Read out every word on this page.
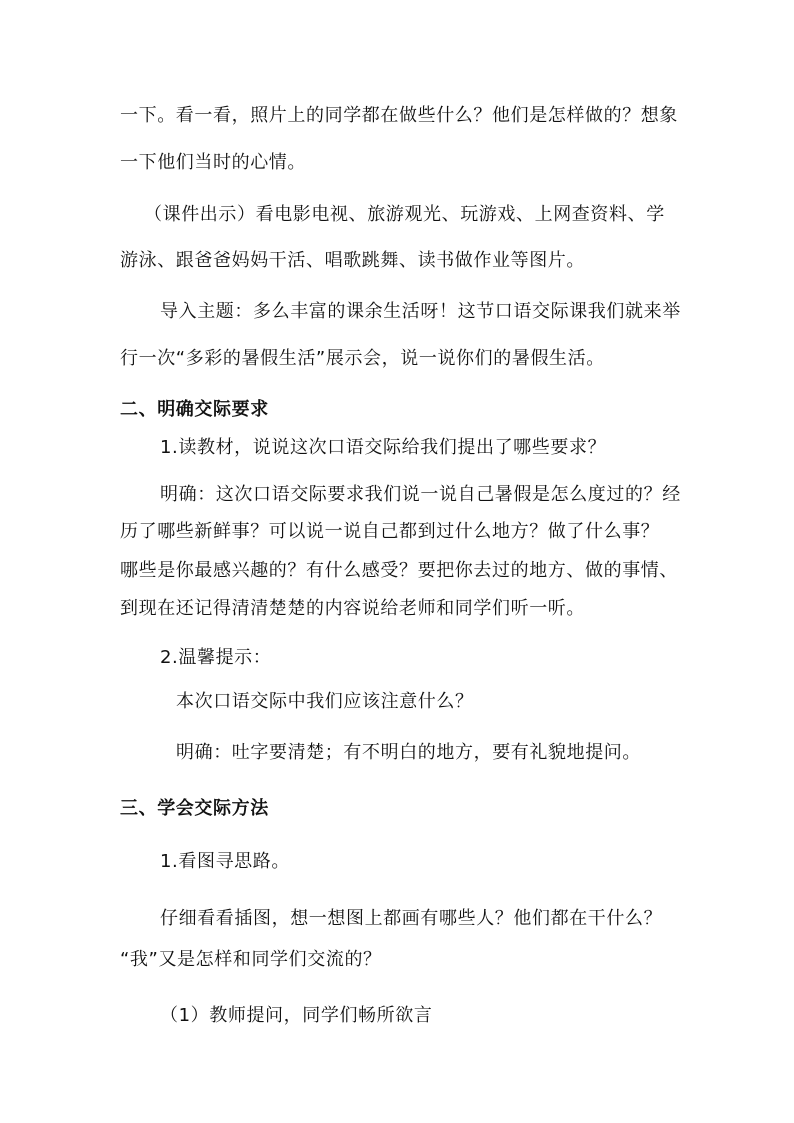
一下。看一看，照片上的同学都在做些什么？他们是怎样做的？想象
一下他们当时的心情。
（课件出示）看电影电视、旅游观光、玩游戏、上网查资料、学
游泳、跟爸爸妈妈干活、唱歌跳舞、读书做作业等图片。
导入主题：多么丰富的课余生活呀！这节口语交际课我们就来举
行一次“多彩的暑假生活”展示会，说一说你们的暑假生活。
二、明确交际要求
1.读教材，说说这次口语交际给我们提出了哪些要求？
明确：这次口语交际要求我们说一说自己暑假是怎么度过的？经
历了哪些新鲜事？可以说一说自己都到过什么地方？做了什么事？
哪些是你最感兴趣的？有什么感受？要把你去过的地方、做的事情、
到现在还记得清清楚楚的内容说给老师和同学们听一听。
2.温馨提示：
本次口语交际中我们应该注意什么？
明确：吐字要清楚；有不明白的地方，要有礼貌地提问。
三、学会交际方法
1.看图寻思路。
仔细看看插图，想一想图上都画有哪些人？他们都在干什么？
“我”又是怎样和同学们交流的？
（1）教师提问，同学们畅所欲言
